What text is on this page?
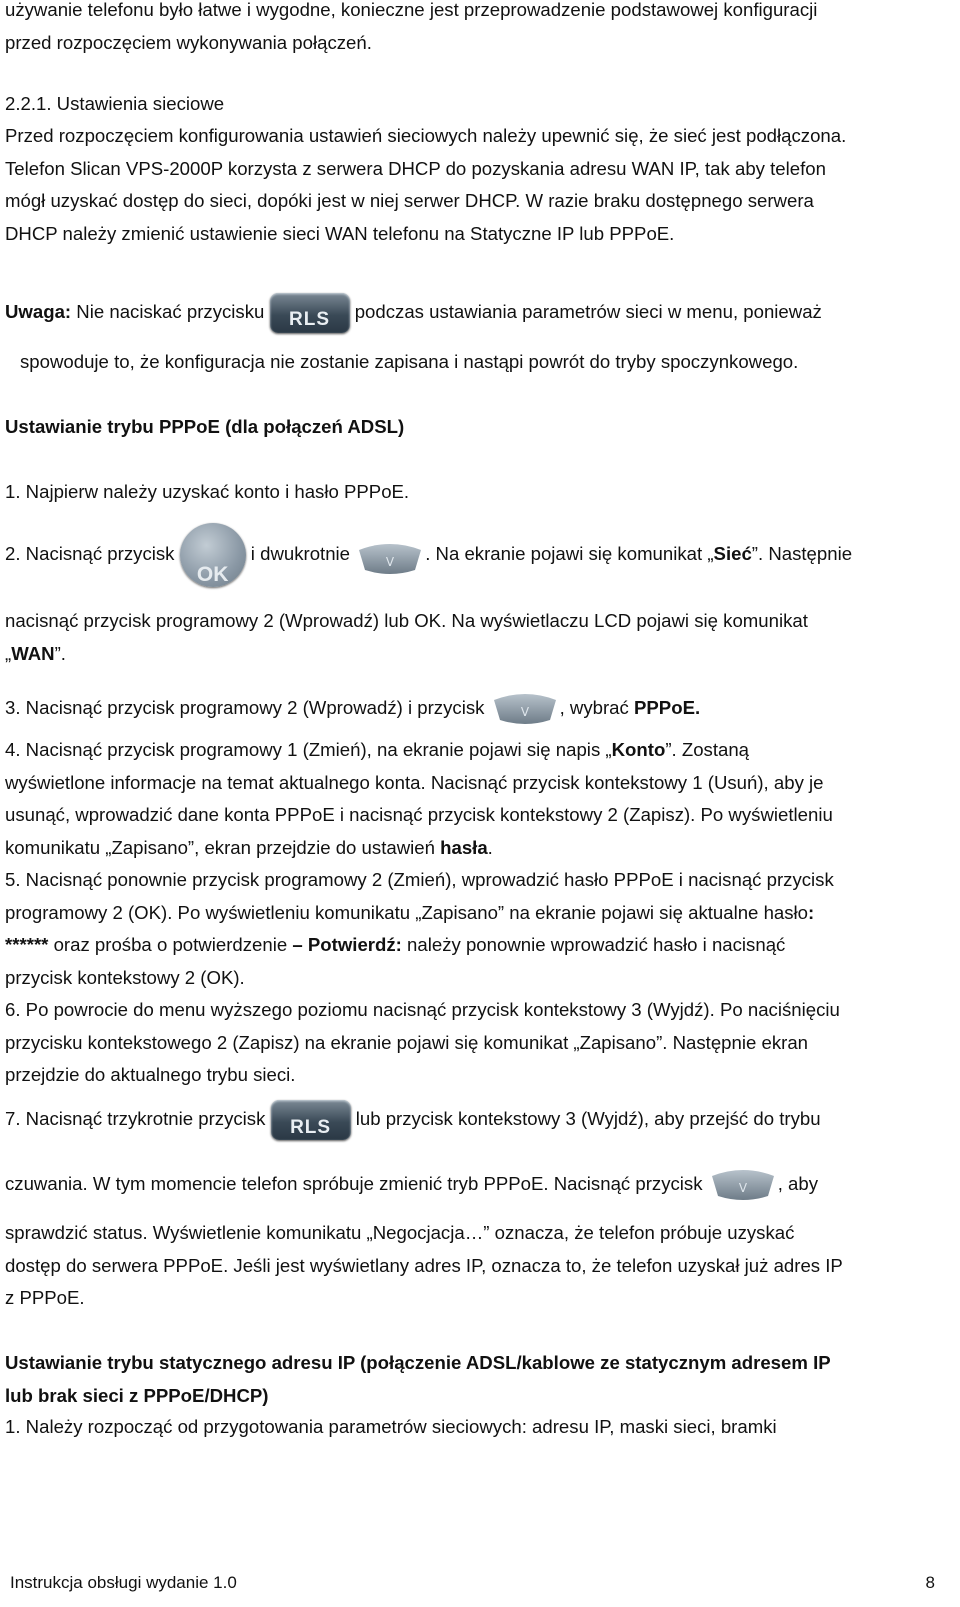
używanie telefonu było łatwe i wygodne, konieczne jest przeprowadzenie podstawowej konfiguracji
przed rozpoczęciem wykonywania połączeń.
2.2.1. Ustawienia sieciowe
Przed rozpoczęciem konfigurowania ustawień sieciowych należy upewnić się, że sieć jest podłączona.
Telefon Slican VPS-2000P korzysta z serwera DHCP do pozyskania adresu WAN IP, tak aby telefon
mógł uzyskać dostęp do sieci, dopóki jest w niej serwer DHCP. W razie braku dostępnego serwera
DHCP należy zmienić ustawienie sieci WAN telefonu na Statyczne IP lub PPPoE.
Uwaga: Nie naciskać przycisku	RLS	podczas ustawiania parametrów sieci w menu, ponieważ
spowoduje to, że konfiguracja nie zostanie zapisana i nastąpi powrót do tryby spoczynkowego.
Ustawianie trybu PPPoE (dla połączeń ADSL)
1. Najpierw należy uzyskać konto i hasło PPPoE.
2. Nacisnąć przycisk
OK
i dwukrotnie	V . Na ekranie pojawi się komunikat „Sieć”. Następnie
nacisnąć przycisk programowy 2 (Wprowadź) lub OK. Na wyświetlaczu LCD pojawi się komunikat
„WAN”.
3. Nacisnąć przycisk programowy 2 (Wprowadź) i przycisk	V , wybrać PPPoE.
4. Nacisnąć przycisk programowy 1 (Zmień), na ekranie pojawi się napis „Konto”. Zostaną
wyświetlone informacje na temat aktualnego konta. Nacisnąć przycisk kontekstowy 1 (Usuń), aby je
usunąć, wprowadzić dane konta PPPoE i nacisnąć przycisk kontekstowy 2 (Zapisz). Po wyświetleniu
komunikatu „Zapisano”, ekran przejdzie do ustawień hasła.
5. Nacisnąć ponownie przycisk programowy 2 (Zmień), wprowadzić hasło PPPoE i nacisnąć przycisk
programowy 2 (OK). Po wyświetleniu komunikatu „Zapisano” na ekranie pojawi się aktualne hasło:
****** oraz prośba o potwierdzenie – Potwierdź: należy ponownie wprowadzić hasło i nacisnąć
przycisk kontekstowy 2 (OK).
6. Po powrocie do menu wyższego poziomu nacisnąć przycisk kontekstowy 3 (Wyjdź). Po naciśnięciu
przycisku kontekstowego 2 (Zapisz) na ekranie pojawi się komunikat „Zapisano”. Następnie ekran
przejdzie do aktualnego trybu sieci.
7. Nacisnąć trzykrotnie przycisk	RLS	lub przycisk kontekstowy 3 (Wyjdź), aby przejść do trybu
czuwania. W tym momencie telefon spróbuje zmienić tryb PPPoE. Nacisnąć przycisk	V , aby
sprawdzić status. Wyświetlenie komunikatu „Negocjacja…” oznacza, że telefon próbuje uzyskać
dostęp do serwera PPPoE. Jeśli jest wyświetlany adres IP, oznacza to, że telefon uzyskał już adres IP
z PPPoE.
Ustawianie trybu statycznego adresu IP (połączenie ADSL/kablowe ze statycznym adresem IP
lub brak sieci z PPPoE/DHCP)
1. Należy rozpocząć od przygotowania parametrów sieciowych: adresu IP, maski sieci, bramki
Instrukcja obsługi wydanie 1.0	8
